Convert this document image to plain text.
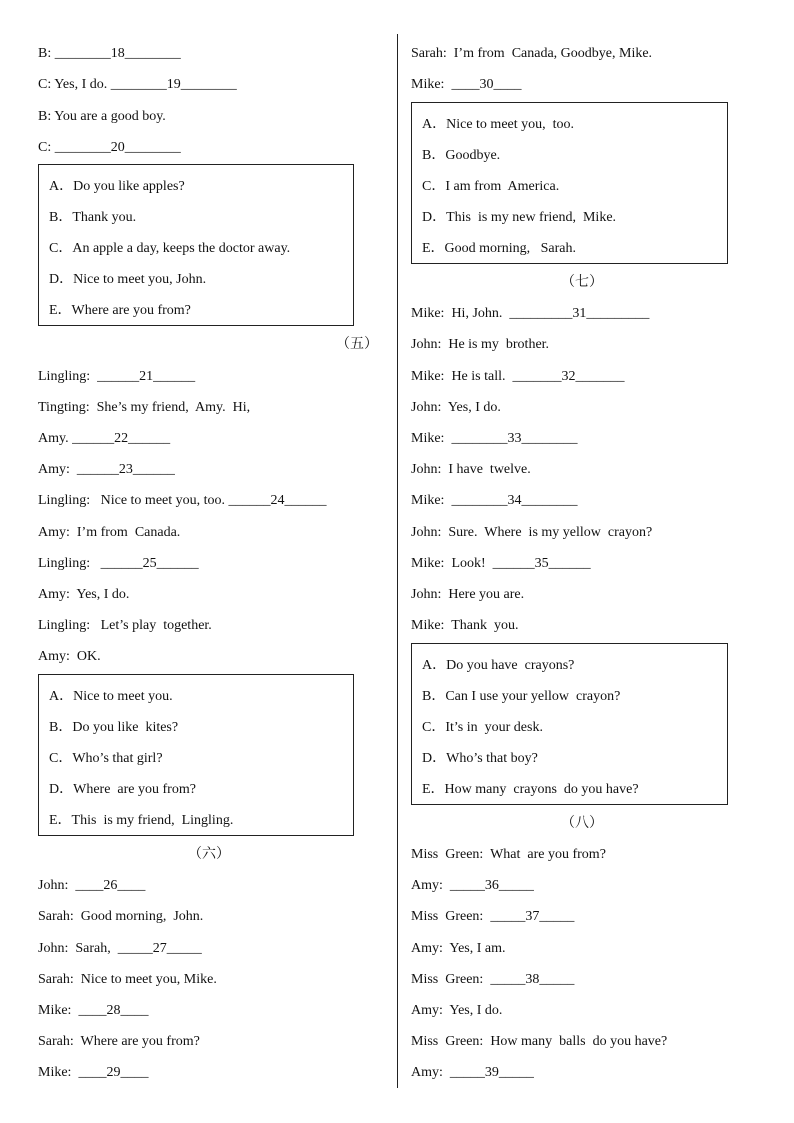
B: ________18________
C: Yes, I do. ________19________
B: You are a good boy.
C: ________20________
A．Do you like apples?
B．Thank you.
C．An apple a day, keeps the doctor away.
D．Nice to meet you, John.
E．Where are you from?
（五）
Lingling:  ______21______
Tingting:  She’s my friend,  Amy.  Hi,
Amy. ______22______
Amy:  ______23______
Lingling:   Nice to meet you, too. ______24______
Amy:  I’m from  Canada.
Lingling:   ______25______
Amy:  Yes, I do.
Lingling:   Let’s play  together.
Amy:  OK.
A．Nice to meet you.
B．Do you like  kites?
C．Who’s that girl?
D．Where  are you from?
E．This  is my friend,  Lingling.
（六）
John:  ____26____
Sarah:  Good morning,  John.
John:  Sarah,  _____27_____
Sarah:  Nice to meet you, Mike.
Mike:  ____28____
Sarah:  Where are you from?
Mike:  ____29____
Sarah:  I’m from  Canada, Goodbye, Mike.
Mike:  ____30____
A．Nice to meet you,  too.
B．Goodbye.
C．I am from  America.
D．This  is my new friend,  Mike.
E．Good morning,   Sarah.
（七）
Mike:  Hi, John.  _________31_________
John:  He is my  brother.
Mike:  He is tall.  _______32_______
John:  Yes, I do.
Mike:  ________33________
John:  I have  twelve.
Mike:  ________34________
John:  Sure.  Where  is my yellow  crayon?
Mike:  Look!  ______35______
John:  Here you are.
Mike:  Thank  you.
A．Do you have  crayons?
B．Can I use your yellow  crayon?
C．It’s in  your desk.
D．Who’s that boy?
E．How many  crayons  do you have?
（八）
Miss  Green:  What  are you from?
Amy:  _____36_____
Miss  Green:  _____37_____
Amy:  Yes, I am.
Miss  Green:  _____38_____
Amy:  Yes, I do.
Miss  Green:  How many  balls  do you have?
Amy:  _____39_____
